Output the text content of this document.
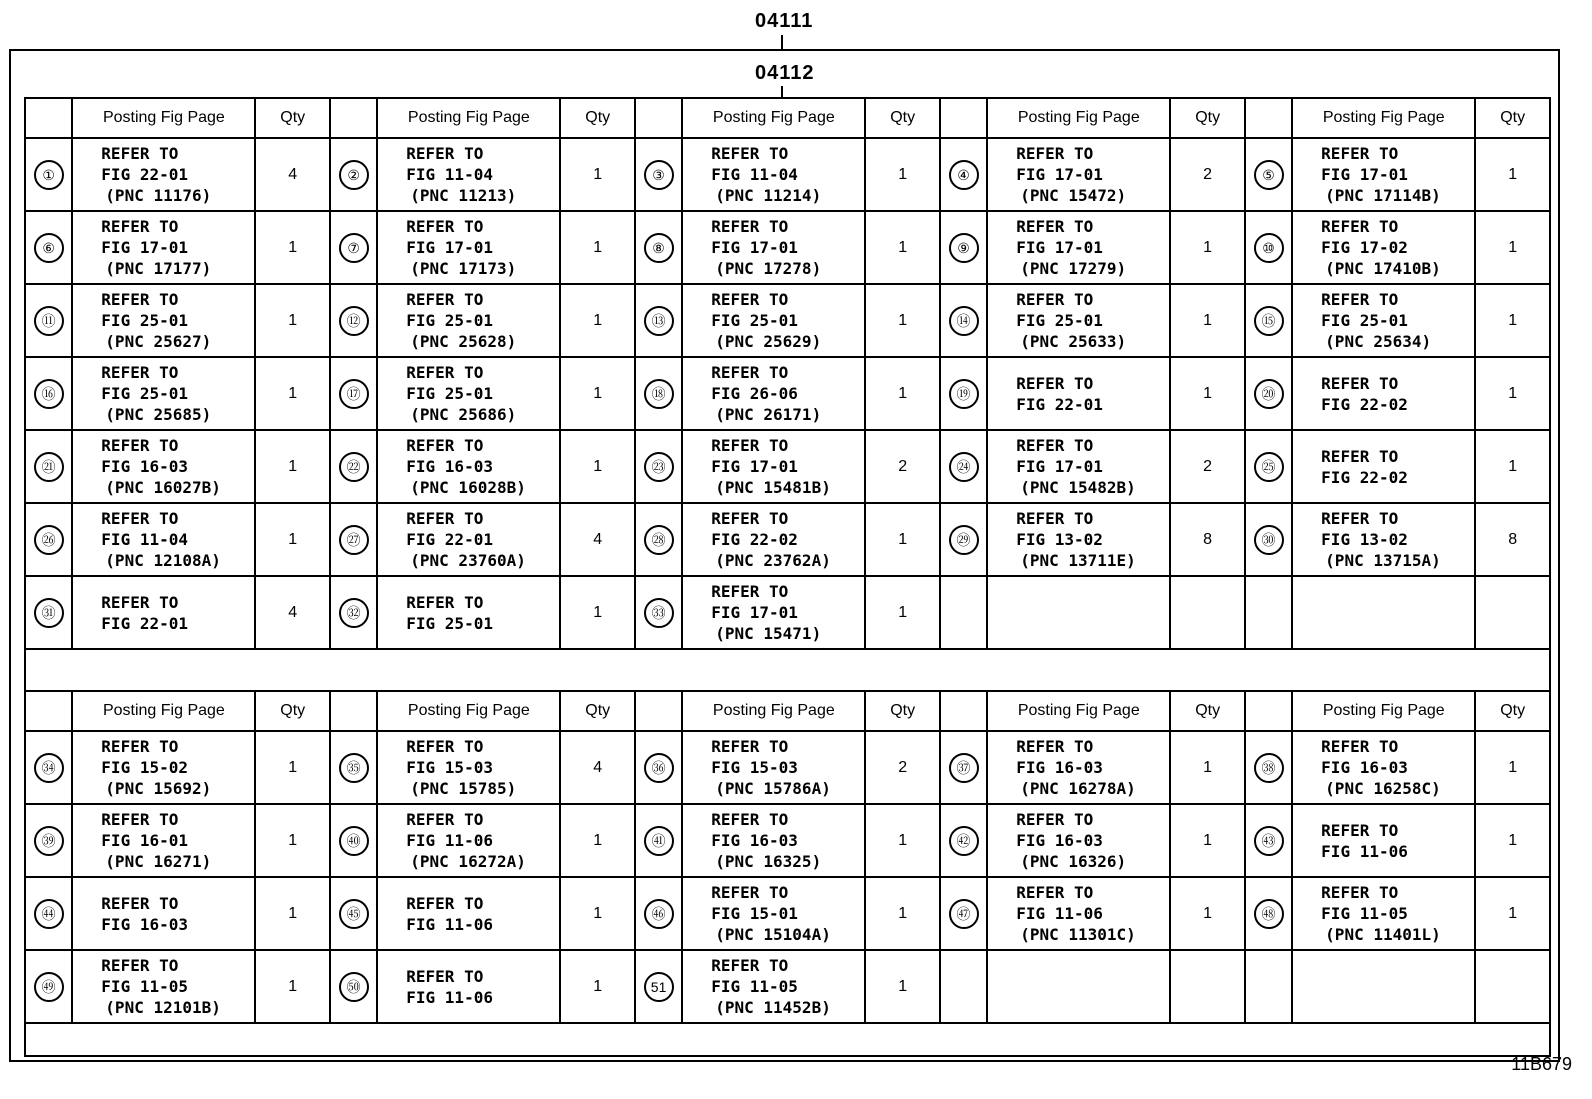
04111
04112
	Posting Fig Page	Qty		Posting Fig Page	Qty		Posting Fig Page	Qty		Posting Fig Page	Qty		Posting Fig Page	Qty
①	REFER TO
FIG 22-01
(PNC 11176)	4	②	REFER TO
FIG 11-04
(PNC 11213)	1	③	REFER TO
FIG 11-04
(PNC 11214)	1	④	REFER TO
FIG 17-01
(PNC 15472)	2	⑤	REFER TO
FIG 17-01
(PNC 17114B)	1
⑥	REFER TO
FIG 17-01
(PNC 17177)	1	⑦	REFER TO
FIG 17-01
(PNC 17173)	1	⑧	REFER TO
FIG 17-01
(PNC 17278)	1	⑨	REFER TO
FIG 17-01
(PNC 17279)	1	⑩	REFER TO
FIG 17-02
(PNC 17410B)	1
⑪	REFER TO
FIG 25-01
(PNC 25627)	1	⑫	REFER TO
FIG 25-01
(PNC 25628)	1	⑬	REFER TO
FIG 25-01
(PNC 25629)	1	⑭	REFER TO
FIG 25-01
(PNC 25633)	1	⑮	REFER TO
FIG 25-01
(PNC 25634)	1
⑯	REFER TO
FIG 25-01
(PNC 25685)	1	⑰	REFER TO
FIG 25-01
(PNC 25686)	1	⑱	REFER TO
FIG 26-06
(PNC 26171)	1	⑲	REFER TO
FIG 22-01	1	⑳	REFER TO
FIG 22-02	1
㉑	REFER TO
FIG 16-03
(PNC 16027B)	1	㉒	REFER TO
FIG 16-03
(PNC 16028B)	1	㉓	REFER TO
FIG 17-01
(PNC 15481B)	2	㉔	REFER TO
FIG 17-01
(PNC 15482B)	2	㉕	REFER TO
FIG 22-02	1
㉖	REFER TO
FIG 11-04
(PNC 12108A)	1	㉗	REFER TO
FIG 22-01
(PNC 23760A)	4	㉘	REFER TO
FIG 22-02
(PNC 23762A)	1	㉙	REFER TO
FIG 13-02
(PNC 13711E)	8	㉚	REFER TO
FIG 13-02
(PNC 13715A)	8
㉛	REFER TO
FIG 22-01	4	㉜	REFER TO
FIG 25-01	1	㉝	REFER TO
FIG 17-01
(PNC 15471)	1						
	Posting Fig Page	Qty		Posting Fig Page	Qty		Posting Fig Page	Qty		Posting Fig Page	Qty		Posting Fig Page	Qty
㉞	REFER TO
FIG 15-02
(PNC 15692)	1	㉟	REFER TO
FIG 15-03
(PNC 15785)	4	㊱	REFER TO
FIG 15-03
(PNC 15786A)	2	㊲	REFER TO
FIG 16-03
(PNC 16278A)	1	㊳	REFER TO
FIG 16-03
(PNC 16258C)	1
㊴	REFER TO
FIG 16-01
(PNC 16271)	1	㊵	REFER TO
FIG 11-06
(PNC 16272A)	1	㊶	REFER TO
FIG 16-03
(PNC 16325)	1	㊷	REFER TO
FIG 16-03
(PNC 16326)	1	㊸	REFER TO
FIG 11-06	1
㊹	REFER TO
FIG 16-03	1	㊺	REFER TO
FIG 11-06	1	㊻	REFER TO
FIG 15-01
(PNC 15104A)	1	㊼	REFER TO
FIG 11-06
(PNC 11301C)	1	㊽	REFER TO
FIG 11-05
(PNC 11401L)	1
㊾	REFER TO
FIG 11-05
(PNC 12101B)	1	㊿	REFER TO
FIG 11-06	1	51	REFER TO
FIG 11-05
(PNC 11452B)	1						
11B679
